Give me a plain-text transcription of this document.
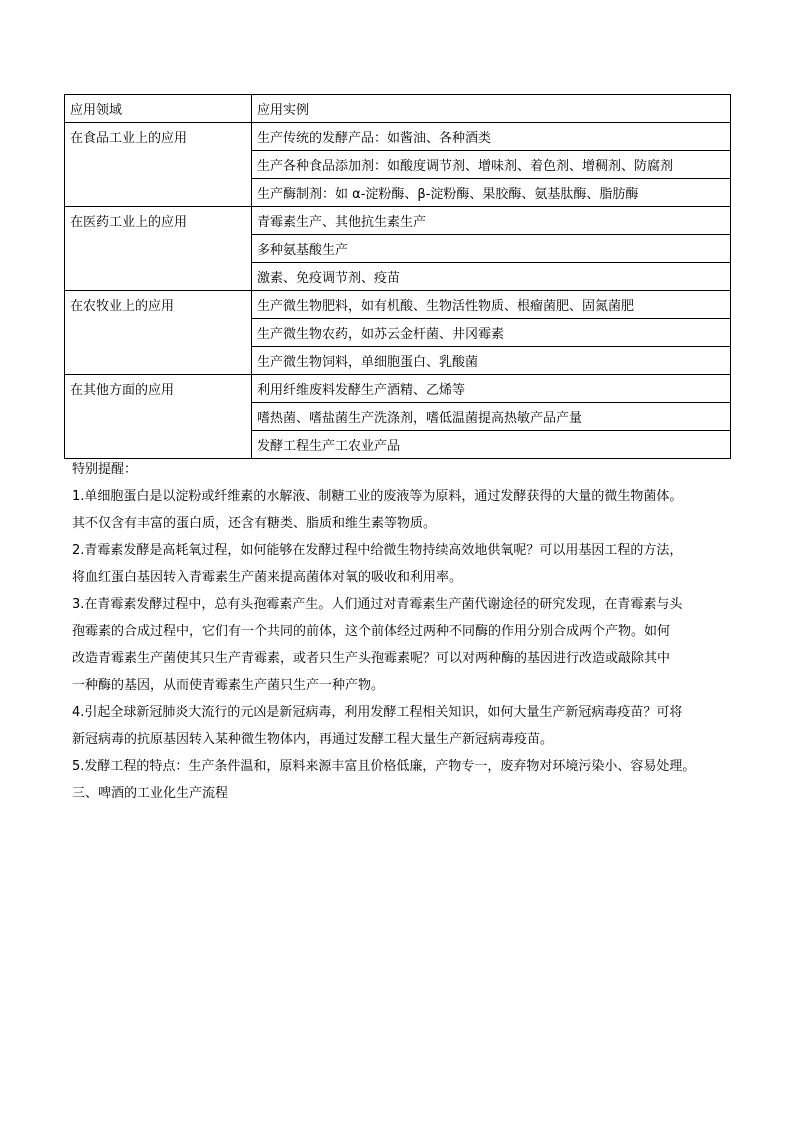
应用领域	应用实例
在食品工业上的应用	生产传统的发酵产品：如酱油、各种酒类
	生产各种食品添加剂：如酸度调节剂、增味剂、着色剂、增稠剂、防腐剂
	生产酶制剂：如 α-淀粉酶、β-淀粉酶、果胶酶、氨基肽酶、脂肪酶
在医药工业上的应用	青霉素生产、其他抗生素生产
	多种氨基酸生产
	激素、免疫调节剂、疫苗
在农牧业上的应用	生产微生物肥料，如有机酸、生物活性物质、根瘤菌肥、固氮菌肥
	生产微生物农药，如苏云金杆菌、井冈霉素
	生产微生物饲料，单细胞蛋白、乳酸菌
在其他方面的应用	利用纤维废料发酵生产酒精、乙烯等
	嗜热菌、嗜盐菌生产洗涤剂，嗜低温菌提高热敏产品产量
	发酵工程生产工农业产品

特别提醒：

1.单细胞蛋白是以淀粉或纤维素的水解液、制糖工业的废液等为原料，通过发酵获得的大量的微生物菌体。

其不仅含有丰富的蛋白质，还含有糖类、脂质和维生素等物质。

2.青霉素发酵是高耗氧过程，如何能够在发酵过程中给微生物持续高效地供氧呢？可以用基因工程的方法，

将血红蛋白基因转入青霉素生产菌来提高菌体对氧的吸收和利用率。

3.在青霉素发酵过程中，总有头孢霉素产生。人们通过对青霉素生产菌代谢途径的研究发现，在青霉素与头

孢霉素的合成过程中，它们有一个共同的前体，这个前体经过两种不同酶的作用分别合成两个产物。如何

改造青霉素生产菌使其只生产青霉素，或者只生产头孢霉素呢？可以对两种酶的基因进行改造或敲除其中

一种酶的基因，从而使青霉素生产菌只生产一种产物。

4.引起全球新冠肺炎大流行的元凶是新冠病毒，利用发酵工程相关知识，如何大量生产新冠病毒疫苗？可将

新冠病毒的抗原基因转入某种微生物体内，再通过发酵工程大量生产新冠病毒疫苗。

5.发酵工程的特点：生产条件温和，原料来源丰富且价格低廉，产物专一，废弃物对环境污染小、容易处理。

三、啤酒的工业化生产流程
